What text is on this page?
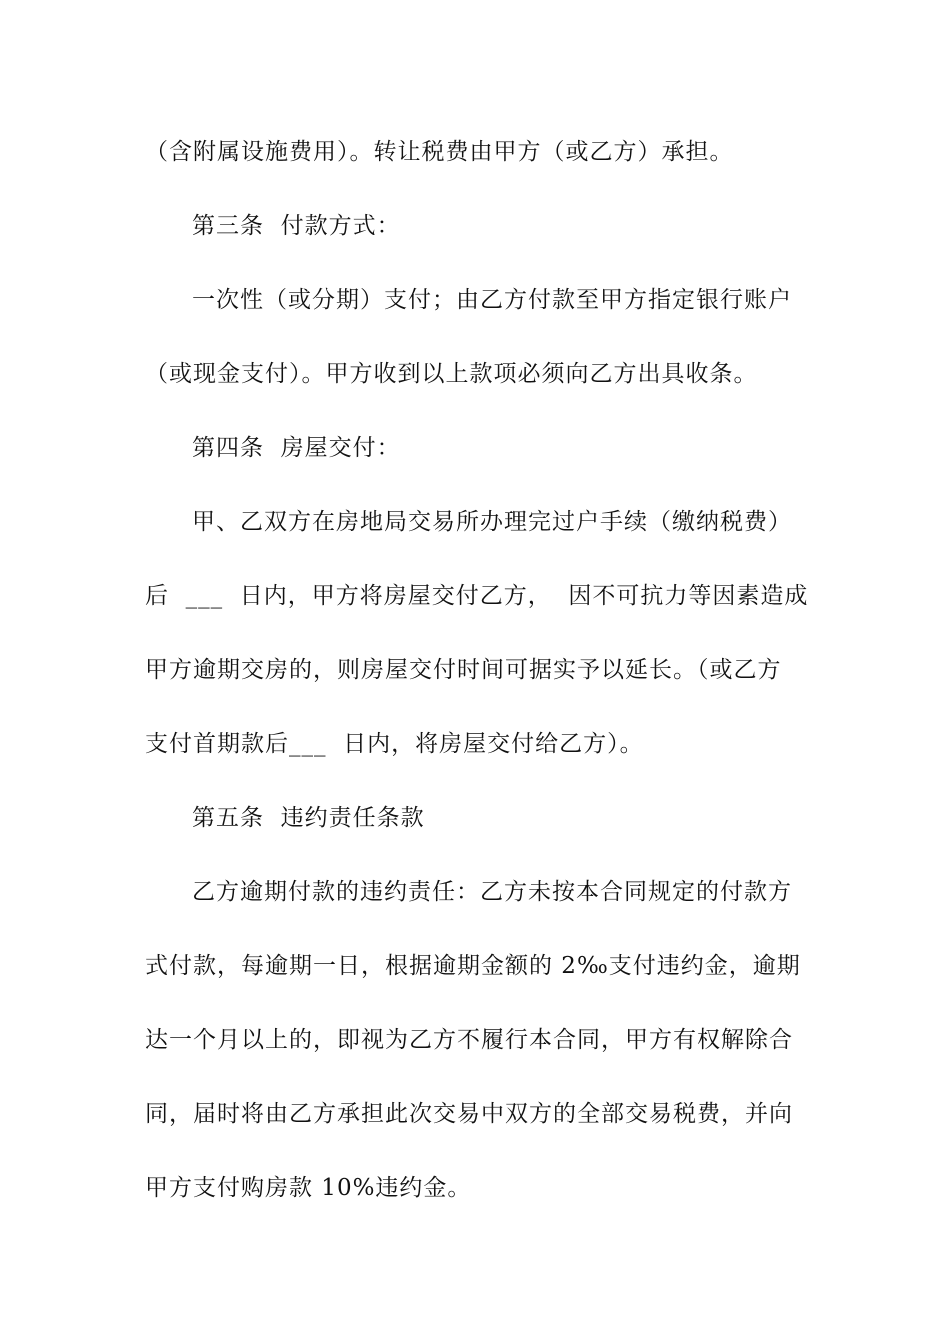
（含附属设施费用）。转让税费由甲方（或乙方）承担。
第三条  付款方式：
一次性（或分期）支付；由乙方付款至甲方指定银行账户
（或现金支付）。甲方收到以上款项必须向乙方出具收条。
第四条  房屋交付：
甲、乙双方在房地局交易所办理完过户手续（缴纳税费）
后  ___  日内，甲方将房屋交付乙方，  因不可抗力等因素造成
甲方逾期交房的，则房屋交付时间可据实予以延长。（或乙方
支付首期款后___  日内，将房屋交付给乙方）。
第五条  违约责任条款
乙方逾期付款的违约责任：乙方未按本合同规定的付款方
式付款，每逾期一日，根据逾期金额的 2‰支付违约金，逾期
达一个月以上的，即视为乙方不履行本合同，甲方有权解除合
同，届时将由乙方承担此次交易中双方的全部交易税费，并向
甲方支付购房款 10%违约金。
